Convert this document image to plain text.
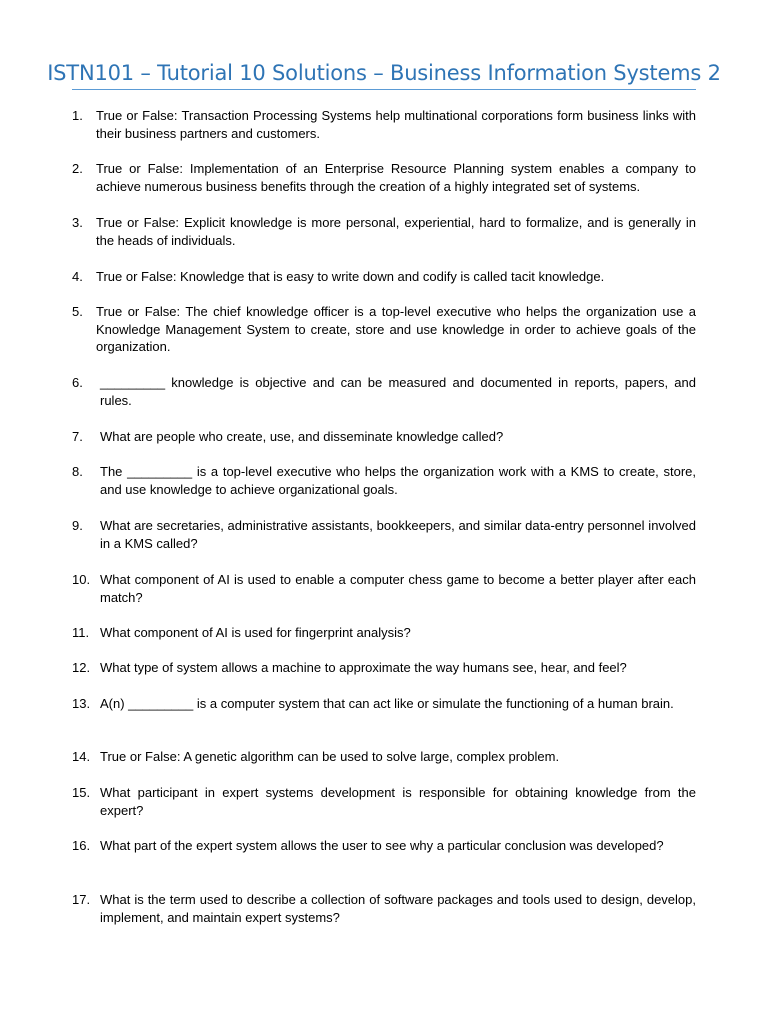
ISTN101 – Tutorial 10 Solutions – Business Information Systems 2
1.	True or False: Transaction Processing Systems help multinational corporations form business links with their business partners and customers.
2.	True or False: Implementation of an Enterprise Resource Planning system enables a company to achieve numerous business benefits through the creation of a highly integrated set of systems.
3.	True or False: Explicit knowledge is more personal, experiential, hard to formalize, and is generally in the heads of individuals.
4.	True or False: Knowledge that is easy to write down and codify is called tacit knowledge.
5.	True or False: The chief knowledge officer is a top-level executive who helps the organization use a Knowledge Management System to create, store and use knowledge in order to achieve goals of the organization.
6.	_________ knowledge is objective and can be measured and documented in reports, papers, and rules.
7.	What are people who create, use, and disseminate knowledge called?
8.	The _________ is a top-level executive who helps the organization work with a KMS to create, store, and use knowledge to achieve organizational goals.
9.	What are secretaries, administrative assistants, bookkeepers, and similar data-entry personnel involved in a KMS called?
10. What component of AI is used to enable a computer chess game to become a better player after each match?
11. What component of AI is used for fingerprint analysis?
12. What type of system allows a machine to approximate the way humans see, hear, and feel?
13. A(n) _________ is a computer system that can act like or simulate the functioning of a human brain.
14. True or False: A genetic algorithm can be used to solve large, complex problem.
15. What participant in expert systems development is responsible for obtaining knowledge from the expert?
16. What part of the expert system allows the user to see why a particular conclusion was developed?
17. What is the term used to describe a collection of software packages and tools used to design, develop, implement, and maintain expert systems?
